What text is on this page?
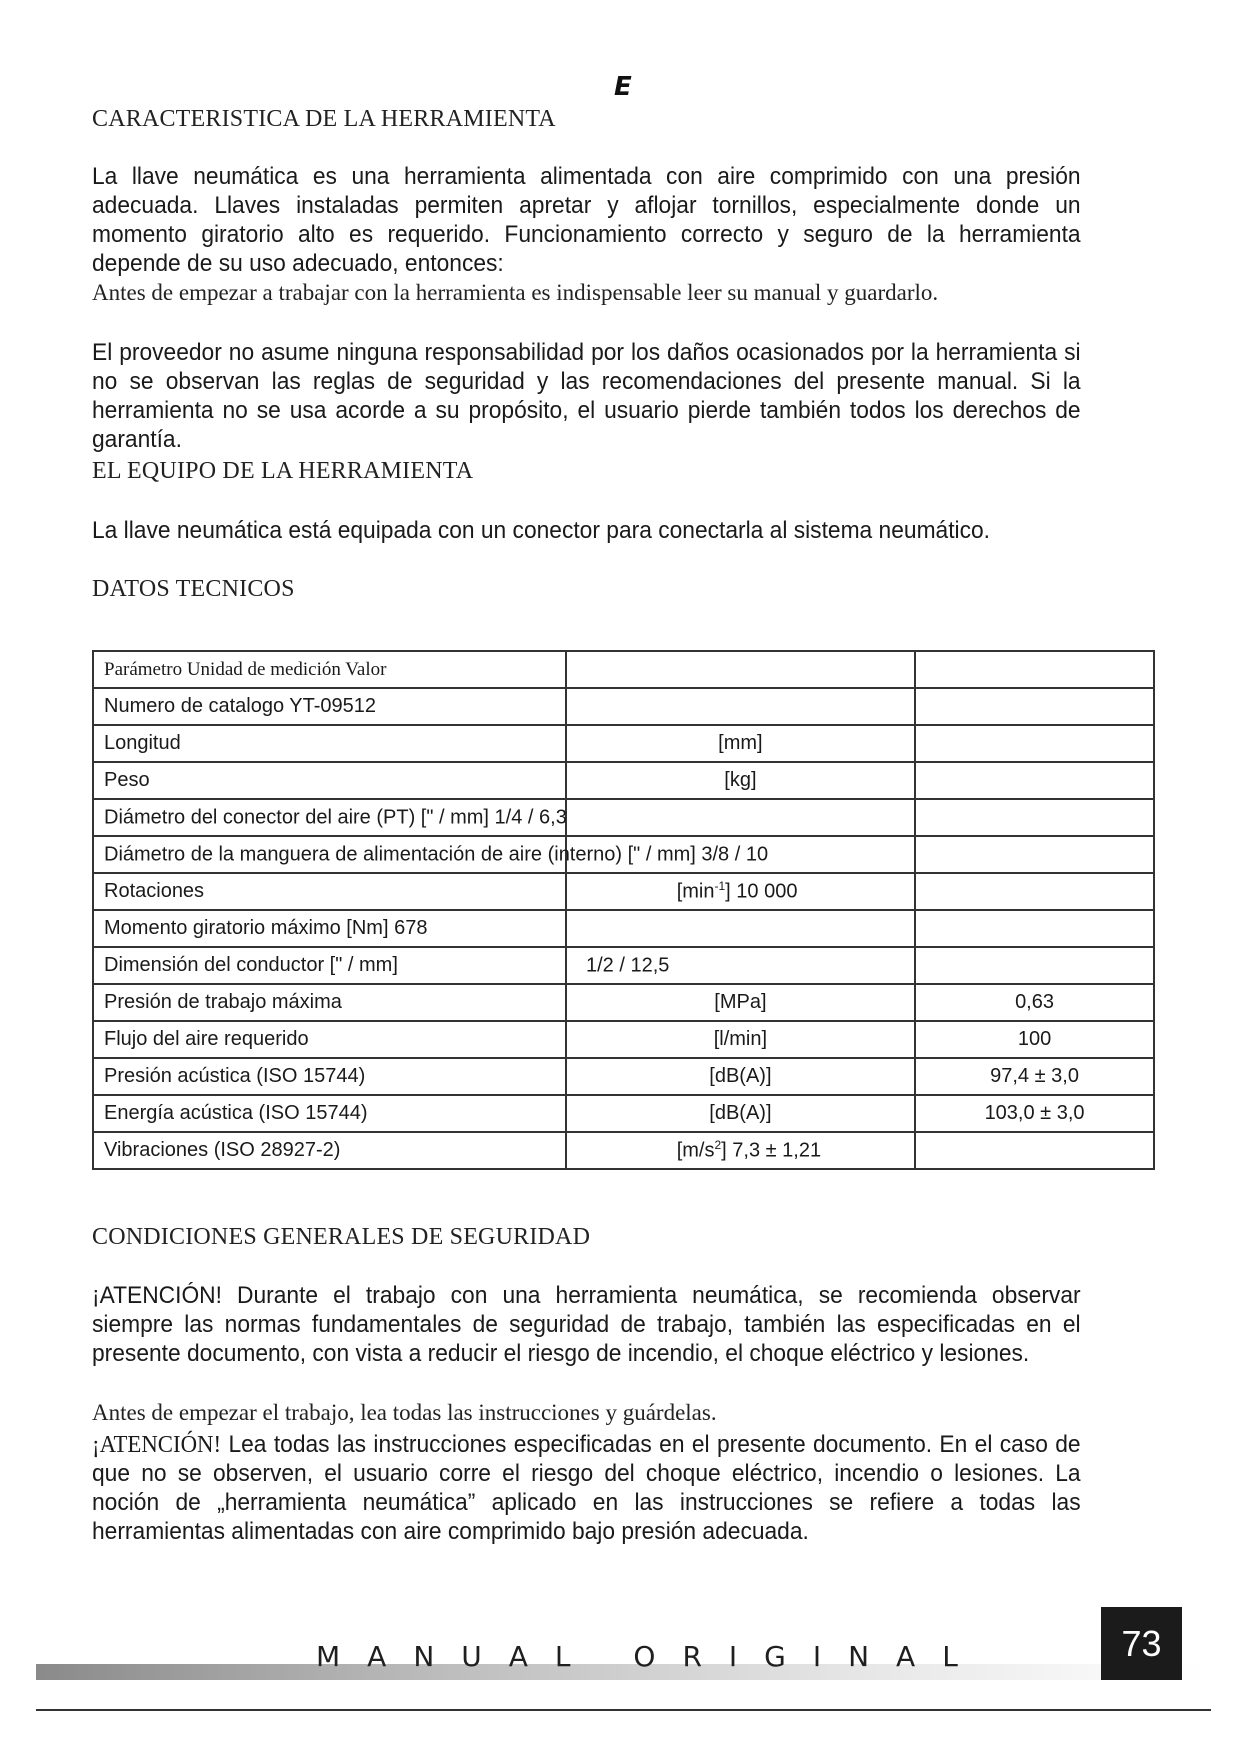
E
CARACTERISTICA DE LA HERRAMIENTA
La llave neumática es una herramienta alimentada con aire comprimido con una presión adecuada. Llaves instaladas permiten apretar y aflojar tornillos, especialmente donde un momento giratorio alto es requerido. Funcionamiento correcto y seguro de la herramienta depende de su uso adecuado, entonces:
Antes de empezar a trabajar con la herramienta es indispensable leer su manual y guardarlo.
El proveedor no asume ninguna responsabilidad por los daños ocasionados por la herramienta si no se observan las reglas de seguridad y las recomendaciones del presente manual. Si la herramienta no se usa acorde a su propósito, el usuario pierde también todos los derechos de garantía.
EL EQUIPO DE LA HERRAMIENTA
La llave neumática está equipada con un conector para conectarla al sistema neumático.
DATOS TECNICOS
Parámetro Unidad de medición Valor		
Numero de catalogo YT-09512		
Longitud	[mm]	
Peso	[kg]	

Diámetro del conector del aire (PT) [" / mm] 1/4 / 6,3		

Diámetro de la manguera de alimentación de aire (interno) [" / mm] 3/8 / 10		

Rotaciones	$[\min^{-1}]$ 10 000	
Momento giratorio máximo [Nm] 678		
Dimensión del conductor [" / mm] 1/2 / 12,5		

Presión de trabajo máxima	[MPa]	0,63
Flujo del aire requerido	[l/min]	100
Presión acústica (ISO 15744)	[dB(A)]	97,4 ± 3,0
Energía acústica (ISO 15744)	[dB(A)]	103,0 ± 3,0
Vibraciones (ISO 28927-2)	$[m/s^2] 7,3 \pm 1,21$	
CONDICIONES GENERALES DE SEGURIDAD
¡ATENCIÓN! Durante el trabajo con una herramienta neumática, se recomienda observar siempre las normas fundamentales de seguridad de trabajo, también las especificadas en el presente documento, con vista a reducir el riesgo de incendio, el choque eléctrico y lesiones.
Antes de empezar el trabajo, lea todas las instrucciones y guárdelas.
¡ATENCIÓN! Lea todas las instrucciones especificadas en el presente documento. En el caso de que no se observen, el usuario corre el riesgo del choque eléctrico, incendio o lesiones. La noción de „herramienta neumática” aplicado en las instrucciones se refiere a todas las herramientas alimentadas con aire comprimido bajo presión adecuada.
MANUAL ORIGINAL	73
